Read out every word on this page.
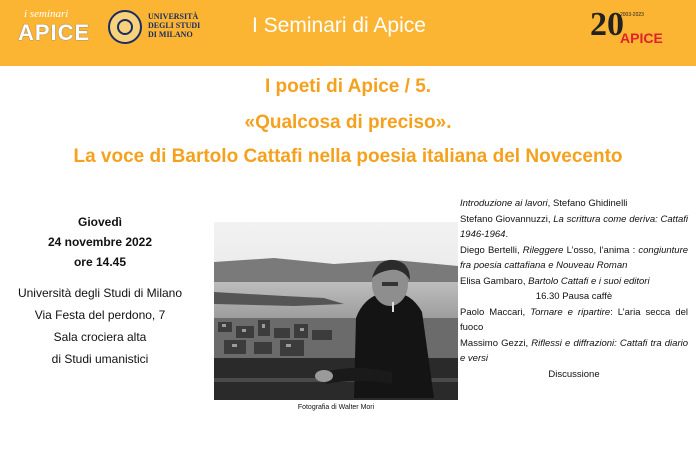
i seminari
APICE
UNIVERSITÀ
DEGLI STUDI
DI MILANO	I Seminari di Apice	20
2003-2023
APICE
I poeti di Apice / 5.
«Qualcosa di preciso».
La voce di Bartolo Cattafi nella poesia italiana del Novecento
Giovedì
24 novembre 2022
ore 14.45
Università degli Studi di Milano
Via Festa del perdono, 7
Sala crociera alta
di Studi umanistici
Fotografia di Walter Mori
Introduzione ai lavori, Stefano Ghidinelli
Stefano Giovannuzzi, La scrittura come deriva: Cattafi 1946-1964.
Diego Bertelli, Rileggere L’osso, l’anima : congiunture fra poesia cattafiana e Nouveau Roman
Elisa Gambaro, Bartolo Cattafi e i suoi editori
16.30 Pausa caffè
Paolo Maccari, Tornare e ripartire: L’aria secca del fuoco
Massimo Gezzi, Riflessi e diffrazioni: Cattafi tra diario e versi
Discussione
